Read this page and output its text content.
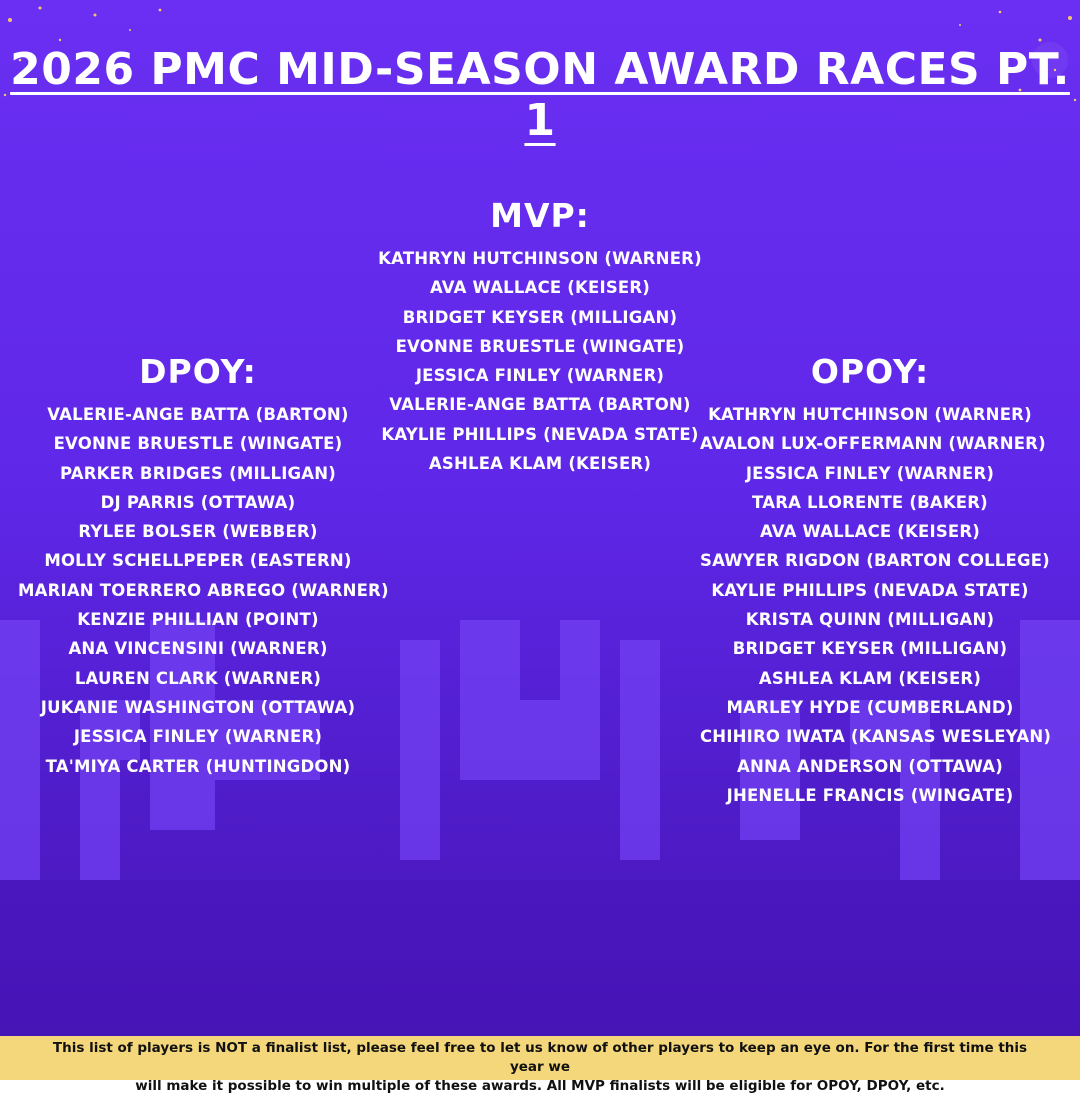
2026 PMC MID-SEASON AWARD RACES PT. 1
MVP:
KATHRYN HUTCHINSON (WARNER)
AVA WALLACE (KEISER)
BRIDGET KEYSER (MILLIGAN)
EVONNE BRUESTLE (WINGATE)
JESSICA FINLEY (WARNER)
VALERIE-ANGE BATTA (BARTON)
KAYLIE PHILLIPS (NEVADA STATE)
ASHLEA KLAM (KEISER)
DPOY:
VALERIE-ANGE BATTA (BARTON)
EVONNE BRUESTLE (WINGATE)
PARKER BRIDGES (MILLIGAN)
DJ PARRIS (OTTAWA)
RYLEE BOLSER (WEBBER)
MOLLY SCHELLPEPER (EASTERN)
MARIAN TOERRERO ABREGO (WARNER)
KENZIE PHILLIAN (POINT)
ANA VINCENSINI (WARNER)
LAUREN CLARK (WARNER)
JUKANIE WASHINGTON (OTTAWA)
JESSICA FINLEY (WARNER)
TA'MIYA CARTER (HUNTINGDON)
OPOY:
KATHRYN HUTCHINSON (WARNER)
AVALON LUX-OFFERMANN (WARNER)
JESSICA FINLEY (WARNER)
TARA LLORENTE (BAKER)
AVA WALLACE (KEISER)
SAWYER RIGDON (BARTON COLLEGE)
KAYLIE PHILLIPS (NEVADA STATE)
KRISTA QUINN (MILLIGAN)
BRIDGET KEYSER (MILLIGAN)
ASHLEA KLAM (KEISER)
MARLEY HYDE (CUMBERLAND)
CHIHIRO IWATA (KANSAS WESLEYAN)
ANNA ANDERSON (OTTAWA)
JHENELLE FRANCIS (WINGATE)
This list of players is NOT a finalist list, please feel free to let us know of other players to keep an eye on. For the first time this year we
will make it possible to win multiple of these awards. All MVP finalists will be eligible for OPOY, DPOY, etc.
